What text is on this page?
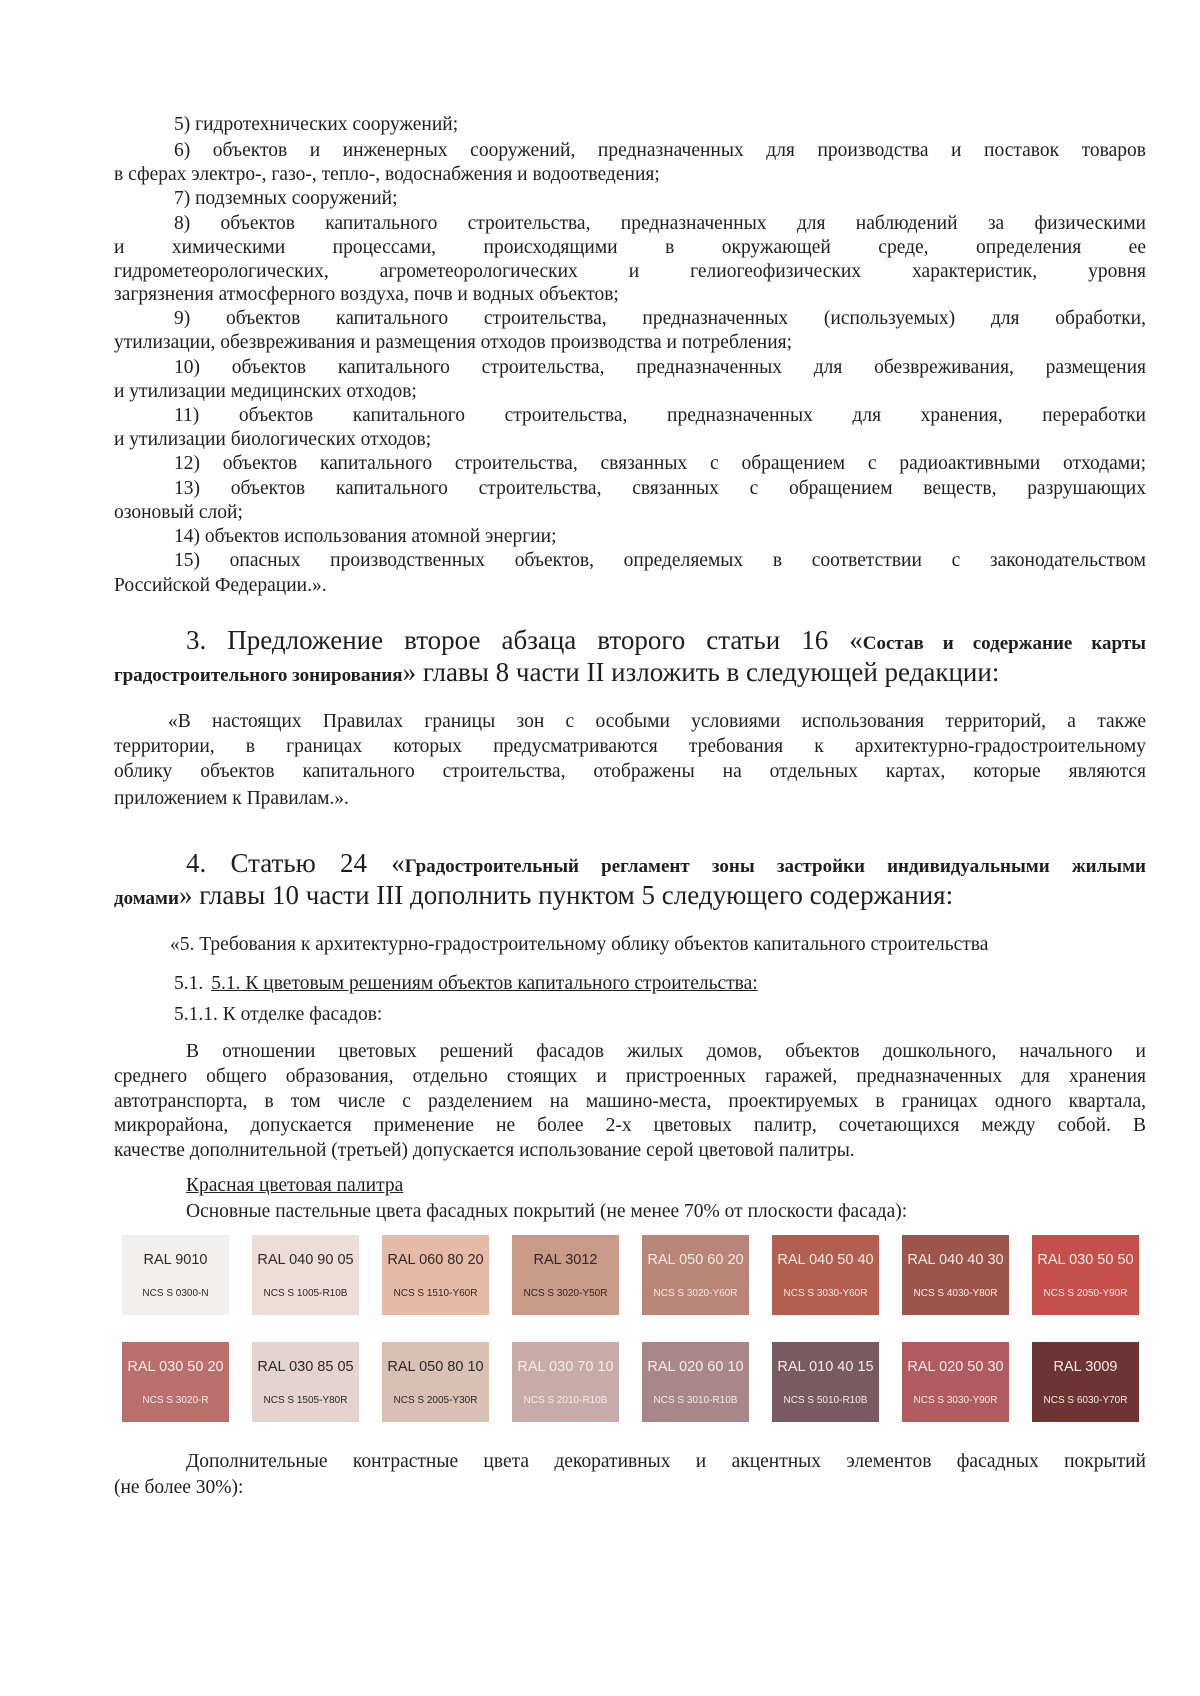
5) гидротехнических сооружений;
6) объектов и инженерных сооружений, предназначенных для производства и поставок товаров
в сферах электро-, газо-, тепло-, водоснабжения и водоотведения;
7) подземных сооружений;
8) объектов капитального строительства, предназначенных для наблюдений за физическими
и химическими процессами, происходящими в окружающей среде, определения ее
гидрометеорологических, агрометеорологических и гелиогеофизических характеристик, уровня
загрязнения атмосферного воздуха, почв и водных объектов;
9) объектов капитального строительства, предназначенных (используемых) для обработки,
утилизации, обезвреживания и размещения отходов производства и потребления;
10) объектов капитального строительства, предназначенных для обезвреживания, размещения
и утилизации медицинских отходов;
11) объектов капитального строительства, предназначенных для хранения, переработки
и утилизации биологических отходов;
12) объектов капитального строительства, связанных с обращением с радиоактивными отходами;
13) объектов капитального строительства, связанных с обращением веществ, разрушающих
озоновый слой;
14) объектов использования атомной энергии;
15) опасных производственных объектов, определяемых в соответствии с законодательством
Российской Федерации.».
3. Предложение второе абзаца второго статьи 16 «Состав и содержание карты
градостроительного зонирования» главы 8 части II изложить в следующей редакции:
«В настоящих Правилах границы зон с особыми условиями использования территорий, а также
территории, в границах которых предусматриваются требования к архитектурно-градостроительному
облику объектов капитального строительства, отображены на отдельных картах, которые являются
приложением к Правилам.».
4. Статью 24 «Градостроительный регламент зоны застройки индивидуальными жилыми
домами» главы 10 части III дополнить пунктом 5 следующего содержания:
«5. Требования к архитектурно-градостроительному облику объектов капитального строительства
5.1. 5.1. К цветовым решениям объектов капитального строительства:
5.1.1. К отделке фасадов:
В отношении цветовых решений фасадов жилых домов, объектов дошкольного, начального и
среднего общего образования, отдельно стоящих и пристроенных гаражей, предназначенных для хранения
автотранспорта, в том числе с разделением на машино-места, проектируемых в границах одного квартала,
микрорайона, допускается применение не более 2-х цветовых палитр, сочетающихся между собой. В
качестве дополнительной (третьей) допускается использование серой цветовой палитры.
Красная цветовая палитра
Основные пастельные цвета фасадных покрытий (не менее 70% от плоскости фасада):
RAL 9010
NCS S 0300-N
RAL 040 90 05
NCS S 1005-R10B
RAL 060 80 20
NCS S 1510-Y60R
RAL 3012
NCS S 3020-Y50R
RAL 050 60 20
NCS S 3020-Y60R
RAL 040 50 40
NCS S 3030-Y60R
RAL 040 40 30
NCS S 4030-Y80R
RAL 030 50 50
NCS S 2050-Y90R
RAL 030 50 20
NCS S 3020-R
RAL 030 85 05
NCS S 1505-Y80R
RAL 050 80 10
NCS S 2005-Y30R
RAL 030 70 10
NCS S 2010-R10B
RAL 020 60 10
NCS S 3010-R10B
RAL 010 40 15
NCS S 5010-R10B
RAL 020 50 30
NCS S 3030-Y90R
RAL 3009
NCS S 6030-Y70R
Дополнительные контрастные цвета декоративных и акцентных элементов фасадных покрытий
(не более 30%):
